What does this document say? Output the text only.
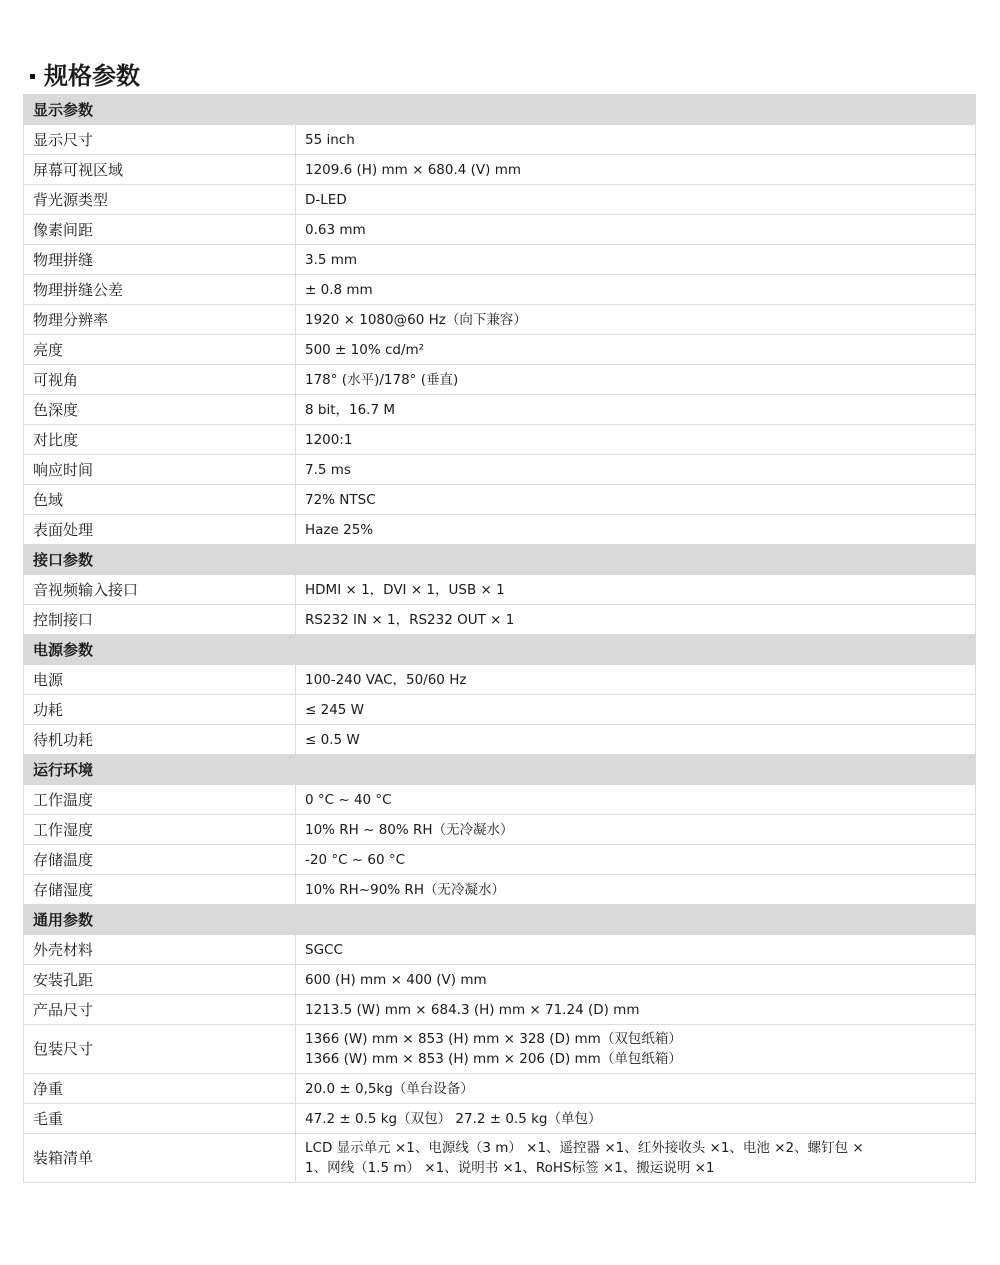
规格参数
显示参数	
显示尺寸	55 inch
屏幕可视区域	1209.6 (H) mm × 680.4 (V) mm
背光源类型	D-LED
像素间距	0.63 mm
物理拼缝	3.5 mm
物理拼缝公差	± 0.8 mm
物理分辨率	1920 × 1080@60 Hz（向下兼容）
亮度	500 ± 10% cd/m²
可视角	178° (水平)/178° (垂直)
色深度	8 bit，16.7 M
对比度	1200:1
响应时间	7.5 ms
色域	72% NTSC
表面处理	Haze 25%
接口参数	
音视频输入接口	HDMI × 1，DVI × 1，USB × 1
控制接口	RS232 IN × 1，RS232 OUT × 1
电源参数	
电源	100-240 VAC，50/60 Hz
功耗	≤ 245 W
待机功耗	≤ 0.5 W
运行环境	
工作温度	0 °C ~ 40 °C
工作湿度	10% RH ~ 80% RH（无冷凝水）
存储温度	-20 °C ~ 60 °C
存储湿度	10% RH~90% RH（无冷凝水）
通用参数	
外壳材料	SGCC
安装孔距	600 (H) mm × 400 (V) mm
产品尺寸	1213.5 (W) mm × 684.3 (H) mm × 71.24 (D) mm
包装尺寸	1366 (W) mm × 853 (H) mm × 328 (D) mm（双包纸箱）
1366 (W) mm × 853 (H) mm × 206 (D) mm（单包纸箱）

净重	20.0 ± 0,5kg（单台设备）
毛重	47.2 ± 0.5 kg（双包） 27.2 ± 0.5 kg（单包）
装箱清单	LCD 显示单元 ×1、电源线（3 m） ×1、遥控器 ×1、红外接收头 ×1、电池 ×2、螺钉包 ×
1、网线（1.5 m） ×1、说明书 ×1、RoHS标签 ×1、搬运说明 ×1
